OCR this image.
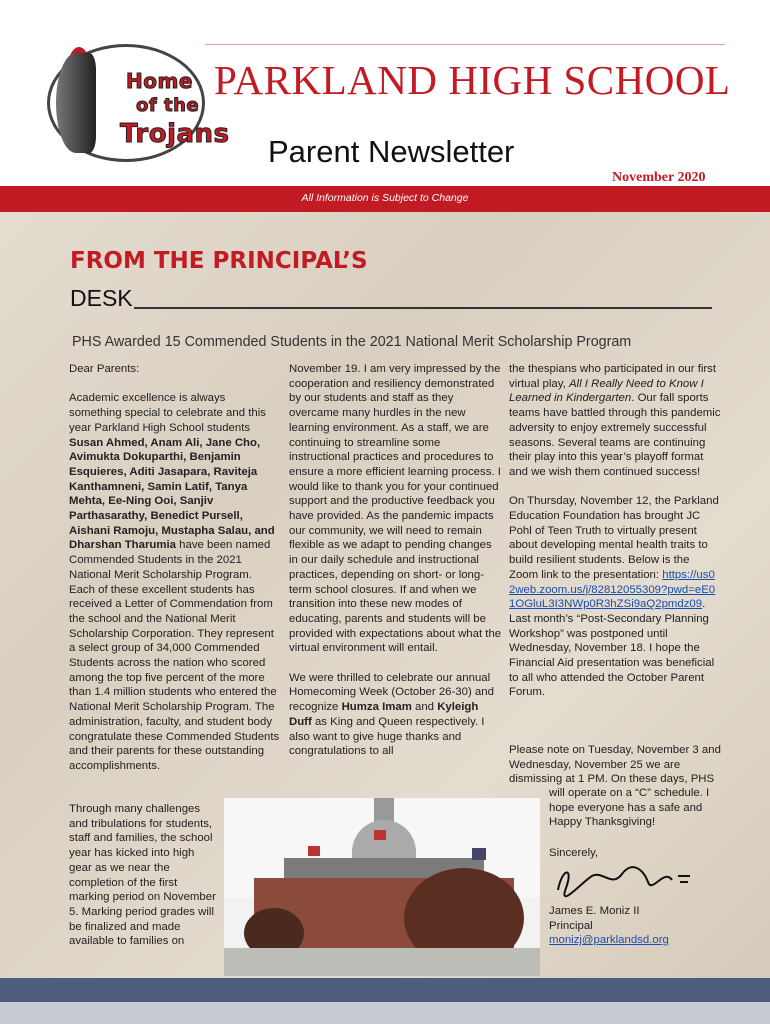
Home
of the
Trojans
PARKLAND HIGH SCHOOL
Parent Newsletter
November 2020
All Information is Subject to Change
FROM THE PRINCIPAL’S
DESK
PHS Awarded 15 Commended Students in the 2021 National Merit Scholarship Program

Dear Parents:

Academic excellence is always something special to celebrate and this year Parkland High School students Susan Ahmed, Anam Ali, Jane Cho, Avimukta Dokuparthi, Benjamin Esquieres, Aditi Jasapara, Raviteja Kanthamneni, Samin Latif, Tanya Mehta, Ee-Ning Ooi, Sanjiv Parthasarathy, Benedict Pursell, Aishani Ramoju, Mustapha Salau, and Dharshan Tharumia have been named Commended Students in the 2021 National Merit Scholarship Program. Each of these excellent students has received a Letter of Commendation from the school and the National Merit Scholarship Corporation. They represent a select group of 34,000 Commended Students across the nation who scored among the top five percent of the more than 1.4 million students who entered the National Merit Scholarship Program. The administration, faculty, and student body congratulate these Commended Students and their parents for these outstanding accomplishments.

Through many challenges and tribulations for students, staff and families, the school year has kicked into high gear as we near the completion of the first marking period on November 5. Marking period grades will be finalized and made available to families on

November 19. I am very impressed by the cooperation and resiliency demonstrated by our students and staff as they overcame many hurdles in the new learning environment. As a staff, we are continuing to streamline some instructional practices and procedures to ensure a more efficient learning process. I would like to thank you for your continued support and the productive feedback you have provided. As the pandemic impacts our community, we will need to remain flexible as we adapt to pending changes in our daily schedule and instructional practices, depending on short- or long-term school closures. If and when we transition into these new modes of educating, parents and students will be provided with expectations about what the virtual environment will entail.

We were thrilled to celebrate our annual Homecoming Week (October 26-30) and recognize Humza Imam and Kyleigh Duff as King and Queen respectively. I also want to give huge thanks and congratulations to all

the thespians who participated in our first virtual play, All I Really Need to Know I Learned in Kindergarten. Our fall sports teams have battled through this pandemic adversity to enjoy extremely successful seasons. Several teams are continuing their play into this year’s playoff format and we wish them continued success!

On Thursday, November 12, the Parkland Education Foundation has brought JC Pohl of Teen Truth to virtually present about developing mental health traits to build resilient students. Below is the Zoom link to the presentation: https://us02web.zoom.us/j/82812055309?pwd=eE01OGluL3I3NWp0R3hZSi9aQ2pmdz09. Last month’s “Post-Secondary Planning Workshop” was postponed until Wednesday, November 18. I hope the Financial Aid presentation was beneficial to all who attended the October Parent Forum.

Please note on Tuesday, November 3 and Wednesday, November 25 we are dismissing at 1 PM. On these days, PHS
will operate on a “C” schedule. I hope everyone has a safe and Happy Thanksgiving!
Sincerely,
James E. Moniz II
Principal
monizj@parklandsd.org
